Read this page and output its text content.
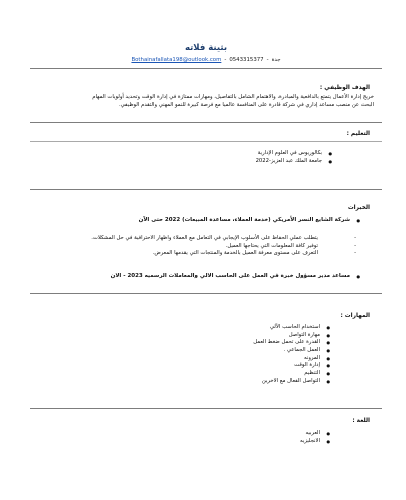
بثينة فلاته
جدة-0543315377-Bothainafallata198@outlook.com
الهدف الوظيفي :
خريج إدارة الأعمال يتمتع بالدافعية والمبادرة، والاهتمام الشامل بالتفاصيل، ومهارات ممتازة في إدارة الوقت وتحديد أولويات المهام
البحث عن منصب مساعد إداري في شركة قادرة على المنافسة عالميا مع فرصة كبيرة للنمو المهني والتقدم الوظيفي.
التعليم :
● بكالوريوس في العلوم الإدارية
● جامعة الملك عبد العزيز-2022
الخبرات
● شركة الشايع النسر الأمريكي (خدمة العملاء، مساعدة المبيعات) 2022 حتى الآن
- يتطلب عملي الحفاظ على الأسلوب الإيجابي في التعامل مع العملاء واظهار الاحترافية في حل المشكلات.
- توفير كافة المعلومات التي يحتاجها العميل.
- التعرف على مستوى معرفة العميل بالخدمة والمنتجات التي يقدمها المعرض.
● مساعد مدير مسؤول خبرة في العمل على الحاسب الالي والمعاملات الرسميه 2023 - الان
المهارات :
● استخدام الحاسب الآلي
● مهارة التواصل
● القدرة على تحمل ضغط العمل
● العمل الجماعي .
● المرونه
● إدارة الوقت
● التنظيم
● التواصل الفعال مع الاخرين
اللغة :
● العربيه
● الانجليزيه
